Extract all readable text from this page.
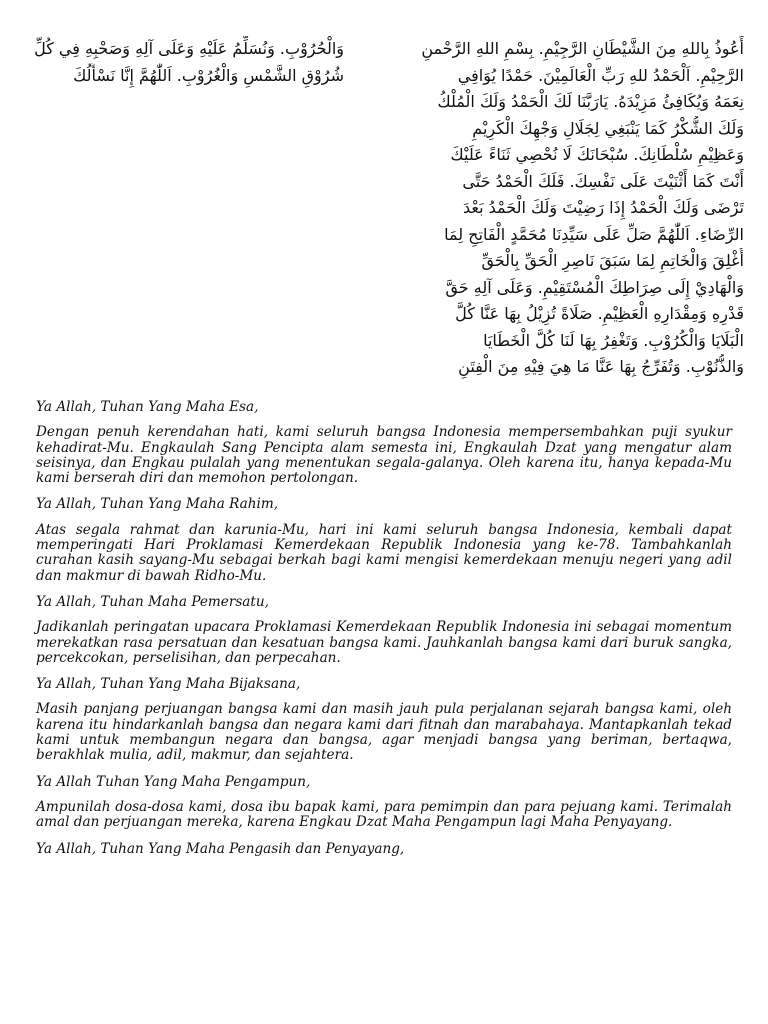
أَعُوذُ بِاللهِ مِنَ الشَّيْطَانِ الرَّجِيْمِ. بِسْمِ اللهِ الرَّحْمنِ
الرَّحِيْمِ. اَلْحَمْدُ للهِ رَبِّ الْعَالَمِيْنَ. حَمْدًا يُوَافِي
نِعَمَهُ وَيُكَافِئُ مَزِيْدَهُ. يَارَبَّنَا لَكَ الْحَمْدُ وَلَكَ الْمُلْكُ
وَلَكَ الشُّكْرُ كَمَا يَنْبَغِي لِجَلَالِ وَجْهِكَ الْكَرِيْمِ
وَعَظِيْمِ سُلْطَانِكَ. سُبْحَانَكَ لَا نُحْصِي ثَنَاءً عَلَيْكَ
أَنْتَ كَمَا أَثْنَيْتَ عَلَى نَفْسِكَ. فَلَكَ الْحَمْدُ حَتَّى
تَرْضَى وَلَكَ الْحَمْدُ إِذَا رَضِيْتَ وَلَكَ الْحَمْدُ بَعْدَ
الرِّضَاءِ. اَللّٰهُمَّ صَلِّ عَلَى سَيِّدِنَا مُحَمَّدٍ الْفَاتِحِ لِمَا
أُغْلِقَ وَالْخَاتِمِ لِمَا سَبَقَ نَاصِرِ الْحَقِّ بِالْحَقِّ
وَالْهَادِيْ إِلَى صِرَاطِكَ الْمُسْتَقِيْمِ. وَعَلَى آلِهِ حَقَّ
قَدْرِهِ وَمِقْدَارِهِ الْعَظِيْمِ. صَلَاةً تُزِيْلُ بِهَا عَنَّا كُلَّ
الْبَلَايَا وَالْكُرُوْبِ. وَتَغْفِرُ بِهَا لَنَا كُلَّ الْخَطَايَا
وَالذُّنُوْبِ. وَتُفَرِّجُ بِهَا عَنَّا مَا هِيَ فِيْهِ مِنَ الْفِتَنِ
وَالْحُرُوْبِ. وَنُسَلِّمُ عَلَيْهِ وَعَلَى آلِهِ وَصَحْبِهِ فِي كُلِّ
شُرُوْقِ الشَّمْسِ وَالْغُرُوْبِ. اَللّٰهُمَّ إِنَّا نَسْأَلُكَ

Ya Allah, Tuhan Yang Maha Esa,

Dengan penuh kerendahan hati, kami seluruh bangsa Indonesia mempersembahkan puji syukur kehadirat-Mu. Engkaulah Sang Pencipta alam semesta ini, Engkaulah Dzat yang mengatur alam seisinya, dan Engkau pulalah yang menentukan segala-galanya. Oleh karena itu, hanya kepada-Mu kami berserah diri dan memohon pertolongan.

Ya Allah, Tuhan Yang Maha Rahim,

Atas segala rahmat dan karunia-Mu, hari ini kami seluruh bangsa Indonesia, kembali dapat memperingati Hari Proklamasi Kemerdekaan Republik Indonesia yang ke-78. Tambahkanlah curahan kasih sayang-Mu sebagai berkah bagi kami mengisi kemerdekaan menuju negeri yang adil dan makmur di bawah Ridho-Mu.

Ya Allah, Tuhan Maha Pemersatu,

Jadikanlah peringatan upacara Proklamasi Kemerdekaan Republik Indonesia ini sebagai momentum merekatkan rasa persatuan dan kesatuan bangsa kami. Jauhkanlah bangsa kami dari buruk sangka, percekcokan, perselisihan, dan perpecahan.

Ya Allah, Tuhan Yang Maha Bijaksana,

Masih panjang perjuangan bangsa kami dan masih jauh pula perjalanan sejarah bangsa kami, oleh karena itu hindarkanlah bangsa dan negara kami dari fitnah dan marabahaya. Mantapkanlah tekad kami untuk membangun negara dan bangsa, agar menjadi bangsa yang beriman, bertaqwa, berakhlak mulia, adil, makmur, dan sejahtera.

Ya Allah Tuhan Yang Maha Pengampun,

Ampunilah dosa-dosa kami, dosa ibu bapak kami, para pemimpin dan para pejuang kami. Terimalah amal dan perjuangan mereka, karena Engkau Dzat Maha Pengampun lagi Maha Penyayang.

Ya Allah, Tuhan Yang Maha Pengasih dan Penyayang,
